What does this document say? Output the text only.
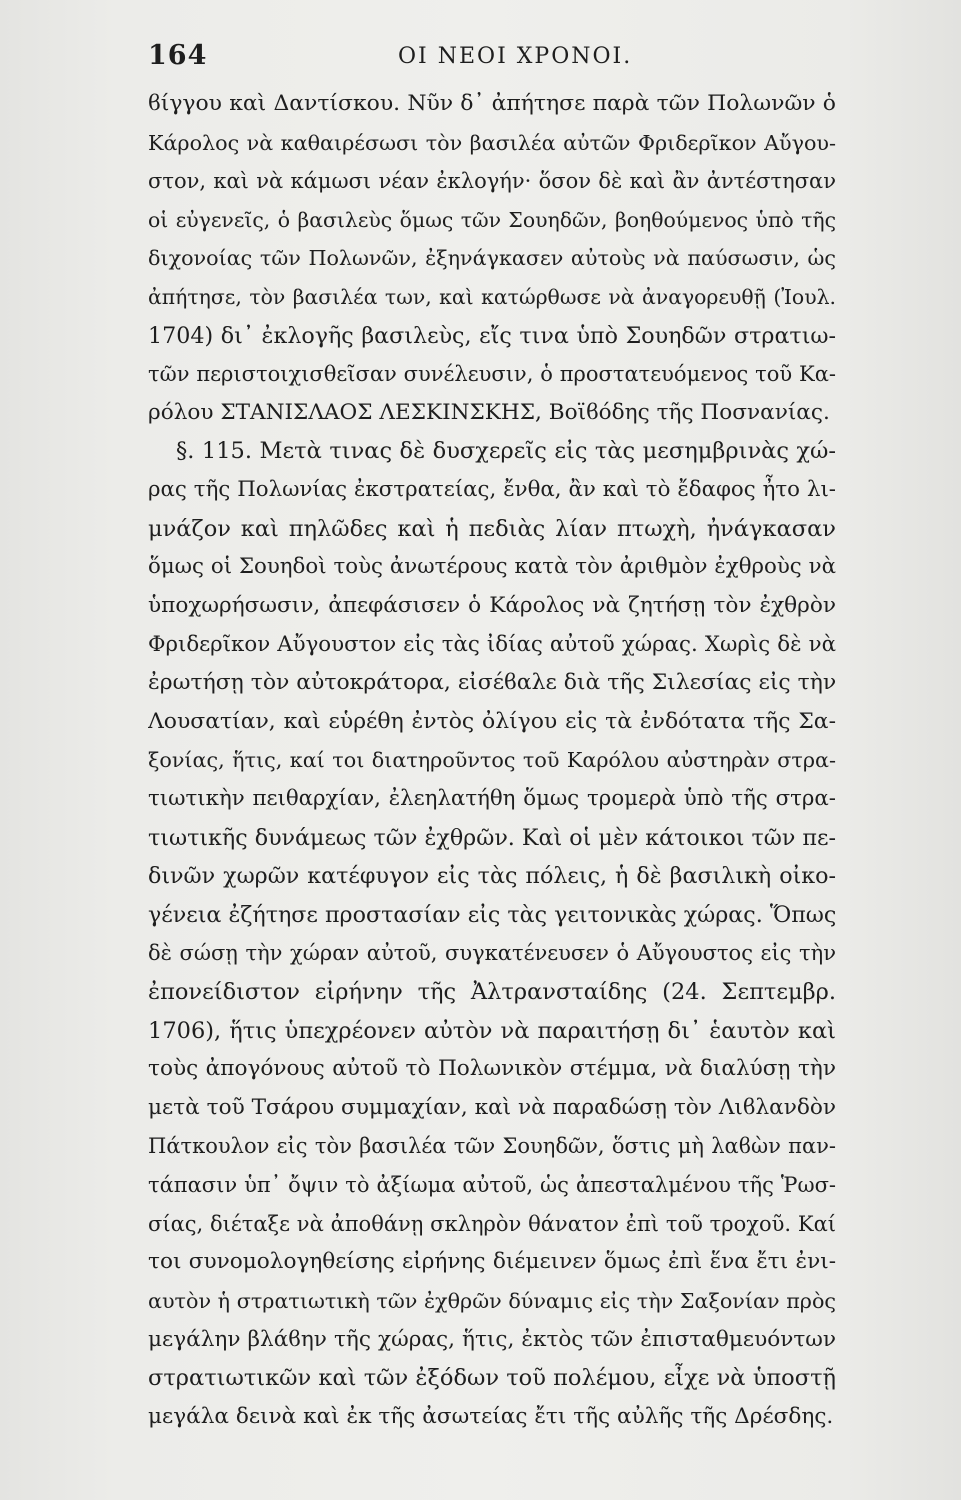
164	ΟΙ ΝΕΟΙ ΧΡΟΝΟΙ.
ϐίγγου καὶ Δαντίσκου. Νῦν δ᾽ ἀπήτησε παρὰ τῶν Πολωνῶν ὁ
Κάρολος νὰ καθαιρέσωσι τὸν βασιλέα αὐτῶν Φριδερῖκον Αὔγου-
στον, καὶ νὰ κάμωσι νέαν ἐκλογήν· ὅσον δὲ καὶ ἂν ἀντέστησαν
οἱ εὐγενεῖς, ὁ βασιλεὺς ὅμως τῶν Σουηδῶν, βοηθούμενος ὑπὸ τῆς
διχονοίας τῶν Πολωνῶν, ἐξηνάγκασεν αὐτοὺς νὰ παύσωσιν, ὡς
ἀπήτησε, τὸν βασιλέα των, καὶ κατώρθωσε νὰ ἀναγορευθῇ (Ἰουλ.
1704) δι᾽ ἐκλογῆς βασιλεὺς, εἴς τινα ὑπὸ Σουηδῶν στρατιω-
τῶν περιστοιχισθεῖσαν συνέλευσιν, ὁ προστατευόμενος τοῦ Κα-
ρόλου ΣΤΑΝΙΣΛΑΟΣ ΛΕΣΚΙΝΣΚΗΣ, Βοϊϐόδης τῆς Ποσνανίας.
§. 115. Μετὰ τινας δὲ δυσχερεῖς εἰς τὰς μεσημβρινὰς χώ-
ρας τῆς Πολωνίας ἐκστρατείας, ἔνθα, ἂν καὶ τὸ ἔδαφος ἦτο λι-
μνάζον καὶ πηλῶδες καὶ ἡ πεδιὰς λίαν πτωχὴ, ἠνάγκασαν
ὅμως οἱ Σουηδοὶ τοὺς ἀνωτέρους κατὰ τὸν ἀριθμὸν ἐχθροὺς νὰ
ὑποχωρήσωσιν, ἀπεφάσισεν ὁ Κάρολος νὰ ζητήσῃ τὸν ἐχθρὸν
Φριδερῖκον Αὔγουστον εἰς τὰς ἰδίας αὐτοῦ χώρας. Χωρὶς δὲ νὰ
ἐρωτήσῃ τὸν αὐτοκράτορα, εἰσέϐαλε διὰ τῆς Σιλεσίας εἰς τὴν
Λουσατίαν, καὶ εὑρέθη ἐντὸς ὀλίγου εἰς τὰ ἐνδότατα τῆς Σα-
ξονίας, ἥτις, καί τοι διατηροῦντος τοῦ Καρόλου αὐστηρὰν στρα-
τιωτικὴν πειθαρχίαν, ἐλεηλατήθη ὅμως τρομερὰ ὑπὸ τῆς στρα-
τιωτικῆς δυνάμεως τῶν ἐχθρῶν. Καὶ οἱ μὲν κάτοικοι τῶν πε-
δινῶν χωρῶν κατέφυγον εἰς τὰς πόλεις, ἡ δὲ βασιλικὴ οἰκο-
γένεια ἐζήτησε προστασίαν εἰς τὰς γειτονικὰς χώρας. Ὅπως
δὲ σώσῃ τὴν χώραν αὐτοῦ, συγκατένευσεν ὁ Αὔγουστος εἰς τὴν
ἐπονείδιστον εἰρήνην τῆς Ἀλτρανσταίδης (24. Σεπτεμβρ.
1706), ἥτις ὑπεχρέονεν αὐτὸν νὰ παραιτήσῃ δι᾽ ἑαυτὸν καὶ
τοὺς ἀπογόνους αὐτοῦ τὸ Πολωνικὸν στέμμα, νὰ διαλύσῃ τὴν
μετὰ τοῦ Τσάρου συμμαχίαν, καὶ νὰ παραδώσῃ τὸν Λιϐλανδὸν
Πάτκουλον εἰς τὸν βασιλέα τῶν Σουηδῶν, ὅστις μὴ λαϐὼν παν-
τάπασιν ὑπ᾽ ὄψιν τὸ ἀξίωμα αὐτοῦ, ὡς ἀπεσταλμένου τῆς Ῥωσ-
σίας, διέταξε νὰ ἀποθάνῃ σκληρὸν θάνατον ἐπὶ τοῦ τροχοῦ. Καί
τοι συνομολογηθείσης εἰρήνης διέμεινεν ὅμως ἐπὶ ἕνα ἔτι ἐνι-
αυτὸν ἡ στρατιωτικὴ τῶν ἐχθρῶν δύναμις εἰς τὴν Σαξονίαν πρὸς
μεγάλην βλάϐην τῆς χώρας, ἥτις, ἐκτὸς τῶν ἐπισταθμευόντων
στρατιωτικῶν καὶ τῶν ἐξόδων τοῦ πολέμου, εἶχε νὰ ὑποστῇ
μεγάλα δεινὰ καὶ ἐκ τῆς ἀσωτείας ἔτι τῆς αὐλῆς τῆς Δρέσδης.
